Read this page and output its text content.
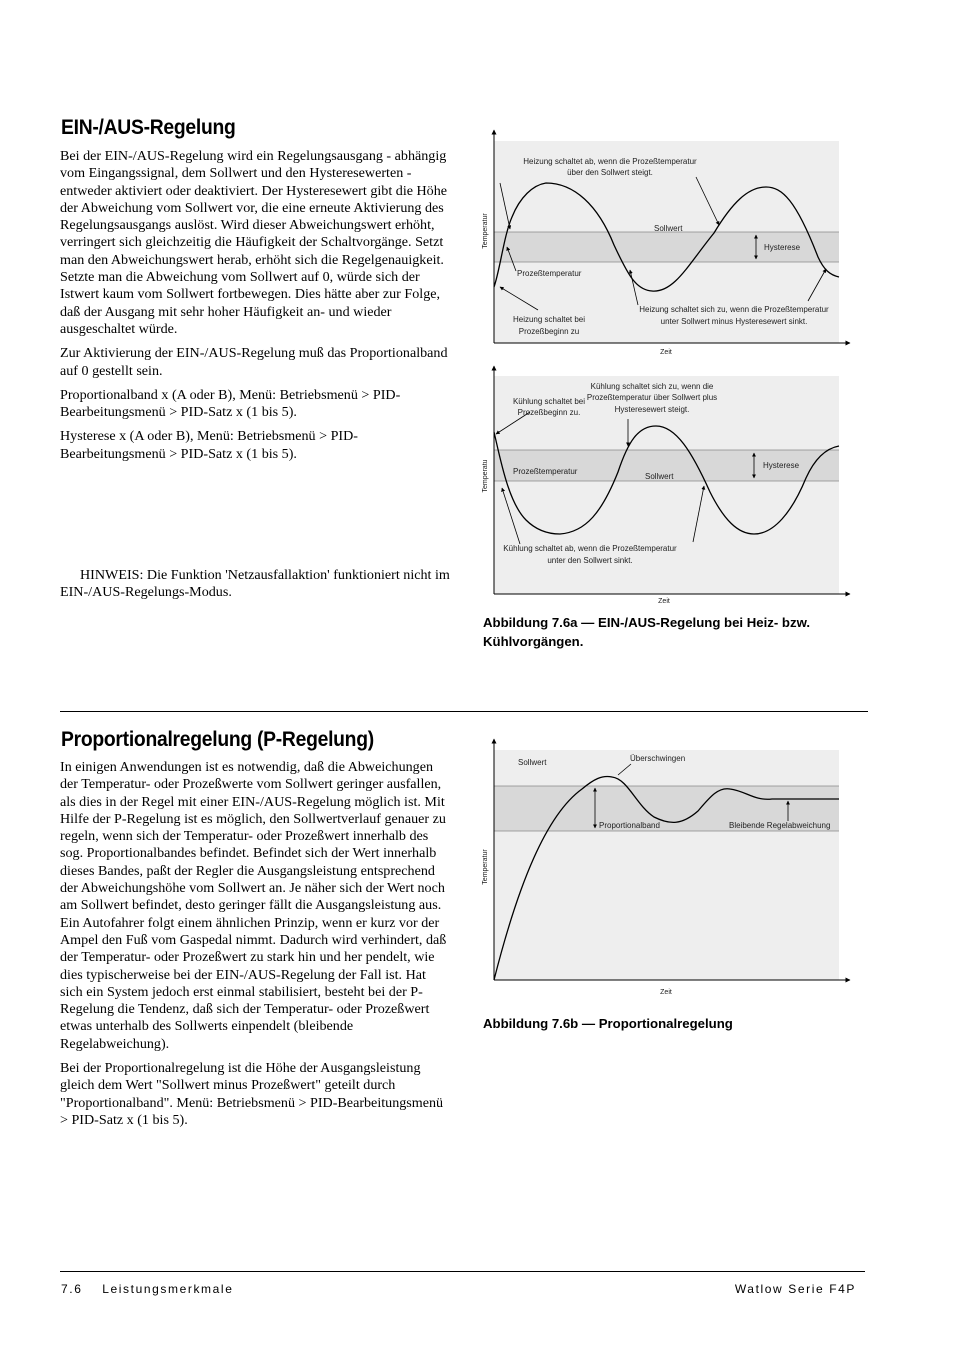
EIN-/AUS-Regelung

Bei der EIN-/AUS-Regelung wird ein Regelungsausgang - abhängig vom Eingangssignal, dem Sollwert und den Hysteresewerten - entweder aktiviert oder deaktiviert. Der Hysteresewert gibt die Höhe der Abweichung vom Sollwert vor, die eine erneute Aktivierung des Regelungsausgangs auslöst. Wird dieser Abweichungswert erhöht, verringert sich gleichzeitig die Häufigkeit der Schaltvorgänge. Setzt man den Abweichungswert herab, erhöht sich die Regelgenauigkeit. Setzte man die Abweichung vom Sollwert auf 0, würde sich der Istwert kaum vom Sollwert fortbewegen. Dies hätte aber zur Folge, daß der Ausgang mit sehr hoher Häufigkeit an- und wieder ausgeschaltet würde.

Zur Aktivierung der EIN-/AUS-Regelung muß das Proportionalband auf 0 gestellt sein.

Proportionalband x (A oder B), Menü: Betriebsmenü > PID-Bearbeitungsmenü > PID-Satz x (1 bis 5).

Hysterese x (A oder B), Menü: Betriebsmenü > PID-Bearbeitungsmenü > PID-Satz x (1 bis 5).

HINWEIS: Die Funktion 'Netzausfallaktion' funktioniert nicht im EIN-/AUS-Regelungs-Modus.

Temperatur
Zeit
Sollwert
Hysterese
Prozeßtemperatur
Heizung schaltet ab, wenn die Prozeßtemperatur
über den Sollwert steigt.
Heizung schaltet bei
Prozeßbeginn zu
Heizung schaltet sich zu, wenn die Prozeßtemperatur
unter Sollwert minus Hysteresewert sinkt.
Temperatu
Zeit
Sollwert
Hysterese
Prozeßtemperatur
Kühlung schaltet bei
Prozeßbeginn zu.
Kühlung schaltet sich zu, wenn die
Prozeßtemperatur über Sollwert plus
Hysteresewert steigt.
Kühlung schaltet ab, wenn die Prozeßtemperatur
unter den Sollwert sinkt.
Abbildung 7.6a — EIN-/AUS-Regelung bei Heiz- bzw.
Kühlvorgängen.
Proportionalregelung (P-Regelung)

In einigen Anwendungen ist es notwendig, daß die Abweichungen der Temperatur- oder Prozeßwerte vom Sollwert geringer ausfallen, als dies in der Regel mit einer EIN-/AUS-Regelung möglich ist. Mit Hilfe der P-Regelung ist es möglich, den Sollwertverlauf genauer zu regeln, wenn sich der Temperatur- oder Prozeßwert innerhalb des sog. Proportionalbandes befindet. Befindet sich der Wert innerhalb dieses Bandes, paßt der Regler die Ausgangsleistung entsprechend der Abweichungshöhe vom Sollwert an. Je näher sich der Wert noch am Sollwert befindet, desto geringer fällt die Ausgangsleistung aus. Ein Autofahrer folgt einem ähnlichen Prinzip, wenn er kurz vor der Ampel den Fuß vom Gaspedal nimmt. Dadurch wird verhindert, daß der Temperatur- oder Prozeßwert zu stark hin und her pendelt, wie dies typischerweise bei der EIN-/AUS-Regelung der Fall ist. Hat sich ein System jedoch erst einmal stabilisiert, besteht bei der P-Regelung die Tendenz, daß sich der Temperatur- oder Prozeßwert etwas unterhalb des Sollwerts einpendelt (bleibende Regelabweichung).

Bei der Proportionalregelung ist die Höhe der Ausgangsleistung gleich dem Wert "Sollwert minus Prozeßwert" geteilt durch "Proportionalband". Menü: Betriebsmenü > PID-Bearbeitungsmenü > PID-Satz x (1 bis 5).

Temperatur
Zeit
Sollwert	Überschwingen
Proportionalband	Bleibende Regelabweichung
Abbildung 7.6b — Proportionalregelung
7.6    Leistungsmerkmale	Watlow Serie F4P
